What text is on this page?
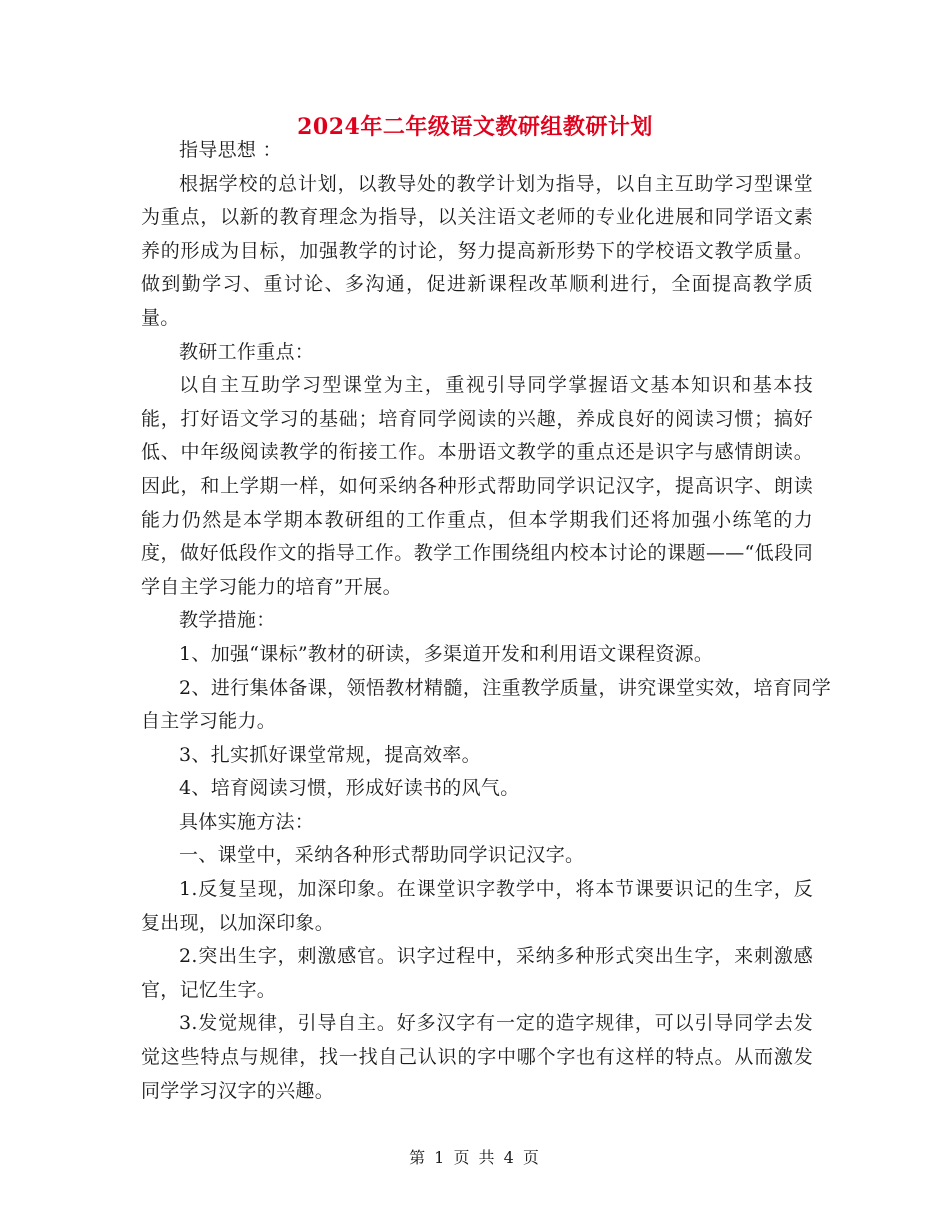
2024年二年级语文教研组教研计划

指导思想 ：

根据学校的总计划，以教导处的教学计划为指导，以自主互助学习型课堂为重点，以新的教育理念为指导，以关注语文老师的专业化进展和同学语文素养的形成为目标，加强教学的讨论，努力提高新形势下的学校语文教学质量。做到勤学习、重讨论、多沟通，促进新课程改革顺利进行，全面提高教学质量。

教研工作重点：

以自主互助学习型课堂为主，重视引导同学掌握语文基本知识和基本技能，打好语文学习的基础；培育同学阅读的兴趣，养成良好的阅读习惯；搞好低、中年级阅读教学的衔接工作。本册语文教学的重点还是识字与感情朗读。因此，和上学期一样，如何采纳各种形式帮助同学识记汉字，提高识字、朗读能力仍然是本学期本教研组的工作重点，但本学期我们还将加强小练笔的力度，做好低段作文的指导工作。教学工作围绕组内校本讨论的课题——“低段同学自主学习能力的培育”开展。

教学措施：

1、加强“课标”教材的研读，多渠道开发和利用语文课程资源。

2、进行集体备课，领悟教材精髓，注重教学质量，讲究课堂实效，培育同学自主学习能力。

3、扎实抓好课堂常规，提高效率。

4、培育阅读习惯，形成好读书的风气。

具体实施方法：

一、课堂中，采纳各种形式帮助同学识记汉字。

1.反复呈现，加深印象。在课堂识字教学中，将本节课要识记的生字，反复出现，以加深印象。

2.突出生字，刺激感官。识字过程中，采纳多种形式突出生字，来刺激感官，记忆生字。

3.发觉规律，引导自主。好多汉字有一定的造字规律，可以引导同学去发觉这些特点与规律，找一找自己认识的字中哪个字也有这样的特点。从而激发同学学习汉字的兴趣。

第 1 页 共 4 页
